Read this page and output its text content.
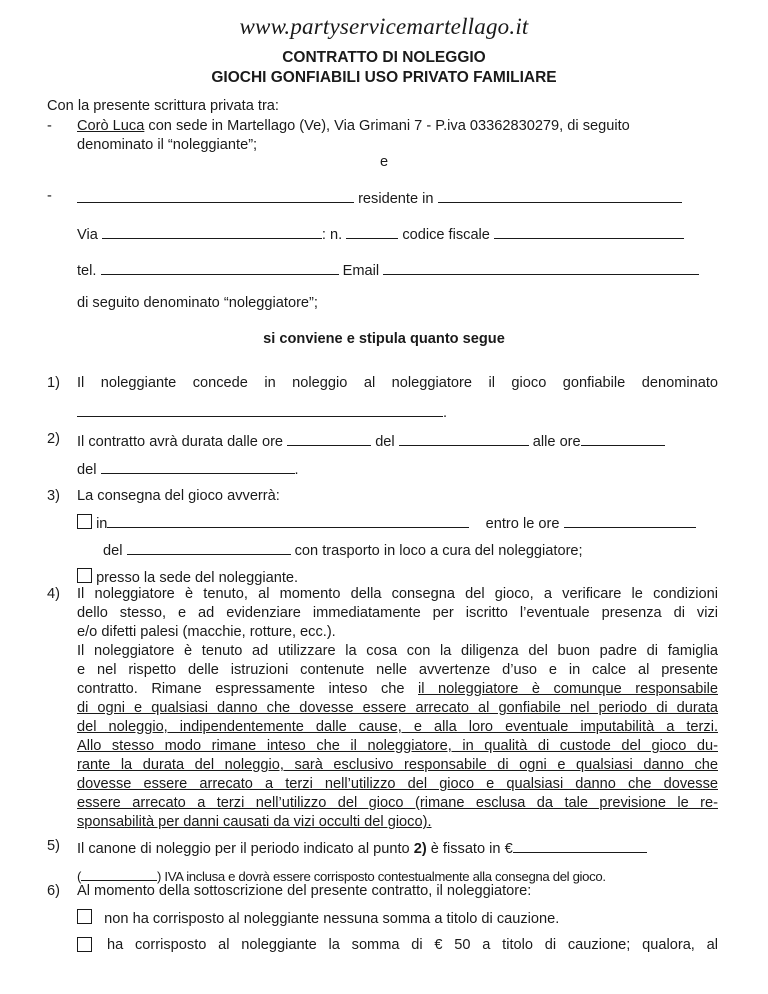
www.partyservicemartellago.it
CONTRATTO DI NOLEGGIO
GIOCHI GONFIABILI USO PRIVATO FAMILIARE
Con la presente scrittura privata tra:
- Corò Luca con sede in Martellago (Ve), Via Grimani 7 - P.iva 03362830279, di seguito
denominato il “noleggiante”;
e
-	residente in
Via	: n.	codice fiscale
tel.	Email
di seguito denominato “noleggiatore”;
si conviene e stipula quanto segue
1)	Il noleggiante concede in noleggio al noleggiatore il gioco gonfiabile denominato
.
2)	Il contratto avrà durata dalle ore	del	alle ore
del	.
3)	La consegna del gioco avverrà:
in	entro le ore
del	con trasporto in loco a cura del noleggiatore;
presso la sede del noleggiante.
4)	Il noleggiatore è tenuto, al momento della consegna del gioco, a verificare le condizioni
dello stesso, e ad evidenziare immediatamente per iscritto l’eventuale presenza di vizi
e/o difetti palesi (macchie, rotture, ecc.).
Il noleggiatore è tenuto ad utilizzare la cosa con la diligenza del buon padre di famiglia
e nel rispetto delle istruzioni contenute nelle avvertenze d’uso e in calce al presente
contratto. Rimane espressamente inteso che il noleggiatore è comunque responsabile
di ogni e qualsiasi danno che dovesse essere arrecato al gonfiabile nel periodo di durata
del noleggio, indipendentemente dalle cause, e alla loro eventuale imputabilità a terzi.
Allo stesso modo rimane inteso che il noleggiatore, in qualità di custode del gioco du-
rante la durata del noleggio, sarà esclusivo responsabile di ogni e qualsiasi danno che
dovesse essere arrecato a terzi nell’utilizzo del gioco e qualsiasi danno che dovesse
essere arrecato a terzi nell’utilizzo del gioco (rimane esclusa da tale previsione le re-
sponsabilità per danni causati da vizi occulti del gioco).
5)	Il canone di noleggio per il periodo indicato al punto 2) è fissato in €
(	) IVA inclusa e dovrà essere corrisposto contestualmente alla consegna del gioco.
6)	Al momento della sottoscrizione del presente contratto, il noleggiatore:
non ha corrisposto al noleggiante nessuna somma a titolo di cauzione.
ha corrisposto al noleggiante la somma di € 50 a titolo di cauzione; qualora, al
